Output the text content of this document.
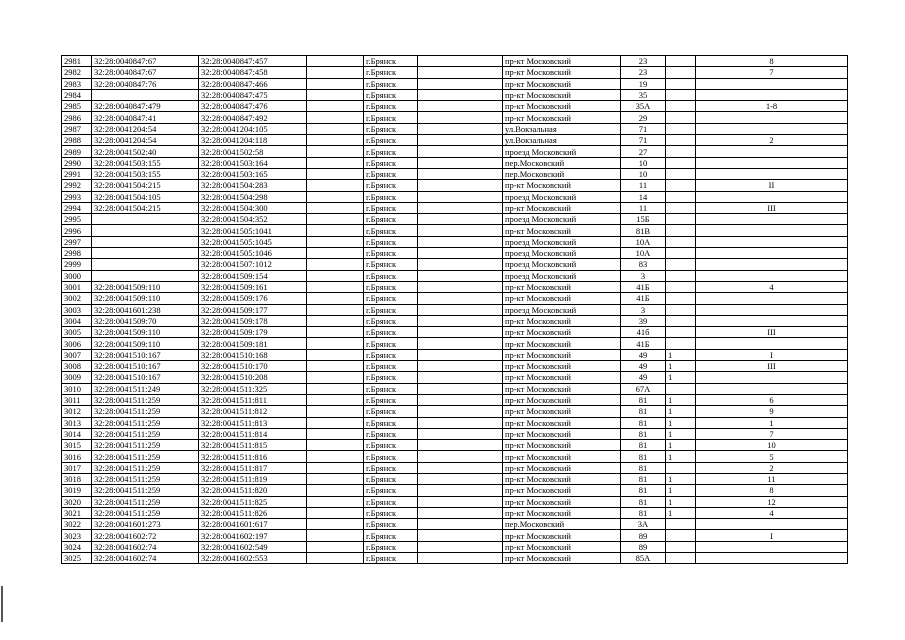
2981	32:28:0040847:67	32:28:0040847:457		г.Брянск		пр-кт Московский	23		8
2982	32:28:0040847:67	32:28:0040847:458		г.Брянск		пр-кт Московский	23		7
2983	32:28:0040847:76	32:28:0040847:466		г.Брянск		пр-кт Московский	19		
2984		32:28:0040847:475		г.Брянск		пр-кт Московский	35		
2985	32:28:0040847:479	32:28:0040847:476		г.Брянск		пр-кт Московский	35А		1-8
2986	32:28:0040847:41	32:28:0040847:492		г.Брянск		пр-кт Московский	29		
2987	32:28:0041204:54	32:28:0041204:105		г.Брянск		ул.Вокзальная	71		
2988	32:28:0041204:54	32:28:0041204:118		г.Брянск		ул.Вокзальная	71		2
2989	32:28:0041502:40	32:28:0041502:58		г.Брянск		проезд Московский	27		
2990	32:28:0041503:155	32:28:0041503:164		г.Брянск		пер.Московский	10		
2991	32:28:0041503:155	32:28:0041503:165		г.Брянск		пер.Московский	10		
2992	32:28:0041504:215	32:28:0041504:283		г.Брянск		пр-кт Московский	11		II
2993	32:28:0041504:105	32:28:0041504:298		г.Брянск		проезд Московский	14		
2994	32:28:0041504:215	32:28:0041504:300		г.Брянск		пр-кт Московский	11		III
2995		32:28:0041504:352		г.Брянск		проезд Московский	15Б		
2996		32:28:0041505:1041		г.Брянск		пр-кт Московский	81В		
2997		32:28:0041505:1045		г.Брянск		проезд Московский	10А		
2998		32:28:0041505:1046		г.Брянск		проезд Московский	10А		
2999		32:28:0041507:1012		г.Брянск		проезд Московский	83		
3000		32:28:0041509:154		г.Брянск		проезд Московский	3		
3001	32:28:0041509:110	32:28:0041509:161		г.Брянск		пр-кт Московский	41Б		4
3002	32:28:0041509:110	32:28:0041509:176		г.Брянск		пр-кт Московский	41Б		
3003	32:28:0041601:238	32:28:0041509:177		г.Брянск		проезд Московский	3		
3004	32:28:0041509:70	32:28:0041509:178		г.Брянск		пр-кт Московский	39		
3005	32:28:0041509:110	32:28:0041509:179		г.Брянск		пр-кт Московский	41б		III
3006	32:28:0041509:110	32:28:0041509:181		г.Брянск		пр-кт Московский	41Б		
3007	32:28:0041510:167	32:28:0041510:168		г.Брянск		пр-кт Московский	49	1	I
3008	32:28:0041510:167	32:28:0041510:170		г.Брянск		пр-кт Московский	49	1	III
3009	32:28:0041510:167	32:28:0041510:208		г.Брянск		пр-кт Московский	49	1	
3010	32:28:0041511:249	32:28:0041511:325		г.Брянск		пр-кт Московский	67А		
3011	32:28:0041511:259	32:28:0041511:811		г.Брянск		пр-кт Московский	81	1	6
3012	32:28:0041511:259	32:28:0041511:812		г.Брянск		пр-кт Московский	81	1	9
3013	32:28:0041511:259	32:28:0041511:813		г.Брянск		пр-кт Московский	81	1	1
3014	32:28:0041511:259	32:28:0041511:814		г.Брянск		пр-кт Московский	81	1	7
3015	32:28:0041511:259	32:28:0041511:815		г.Брянск		пр-кт Московский	81	1	10
3016	32:28:0041511:259	32:28:0041511:816		г.Брянск		пр-кт Московский	81	1	5
3017	32:28:0041511:259	32:28:0041511:817		г.Брянск		пр-кт Московский	81		2
3018	32:28:0041511:259	32:28:0041511:819		г.Брянск		пр-кт Московский	81	1	11
3019	32:28:0041511:259	32:28:0041511:820		г.Брянск		пр-кт Московский	81	1	8
3020	32:28:0041511:259	32:28:0041511:825		г.Брянск		пр-кт Московский	81	1	12
3021	32:28:0041511:259	32:28:0041511:826		г.Брянск		пр-кт Московский	81	1	4
3022	32:28:0041601:273	32:28:0041601:617		г.Брянск		пер.Московский	3А		
3023	32:28:0041602:72	32:28:0041602:197		г.Брянск		пр-кт Московский	89		I
3024	32:28:0041602:74	32:28:0041602:549		г.Брянск		пр-кт Московский	89		
3025	32:28:0041602:74	32:28:0041602:553		г.Брянск		пр-кт Московский	85А		
